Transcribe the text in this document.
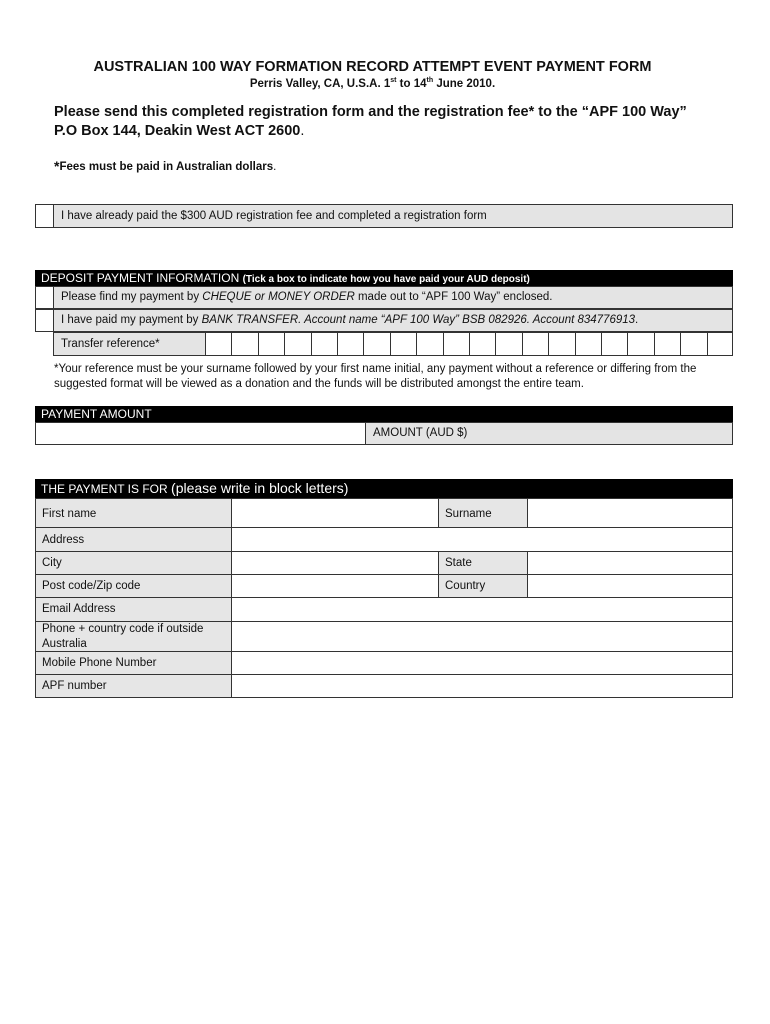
AUSTRALIAN 100 WAY FORMATION RECORD ATTEMPT EVENT PAYMENT FORM
Perris Valley, CA, U.S.A. 1st to 14th June 2010.
Please send this completed registration form and the registration fee* to the “APF 100 Way”
P.O Box 144, Deakin West ACT 2600.
*Fees must be paid in Australian dollars.
I have already paid the $300 AUD registration fee and completed a registration form
DEPOSIT PAYMENT INFORMATION (Tick a box to indicate how you have paid your AUD deposit)
Please find my payment by CHEQUE or MONEY ORDER made out to “APF 100 Way” enclosed.
I have paid my payment by BANK TRANSFER. Account name “APF 100 Way” BSB 082926. Account 834776913.
Transfer reference*
*Your reference must be your surname followed by your first name initial, any payment without a reference or differing from the suggested format will be viewed as a donation and the funds will be distributed amongst the entire team.
PAYMENT AMOUNT
AMOUNT (AUD $)
THE PAYMENT IS FOR (please write in block letters)
First name	Surname
Address
City	State
Post code/Zip code	Country
Email Address
Phone + country code if outside Australia
Mobile Phone Number
APF number
